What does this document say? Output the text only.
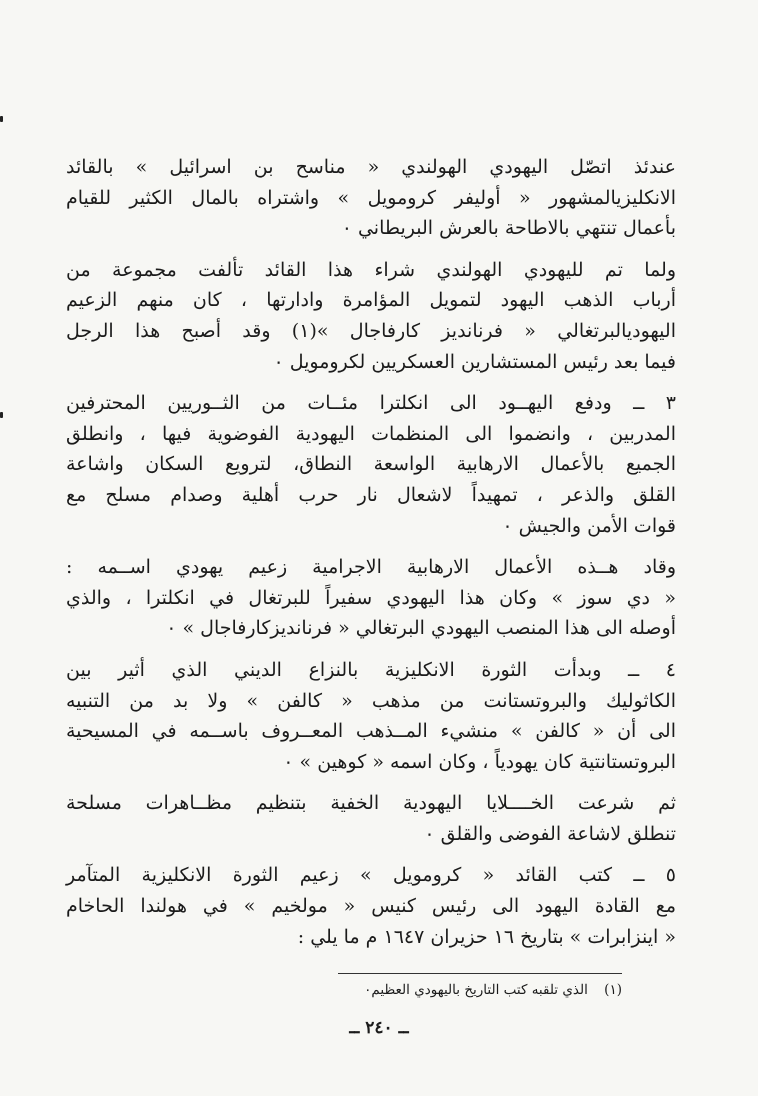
عندئذ اتصّل اليهودي الهولندي « مناسح بن اسرائيل » بالقائد
الانكليزيالمشهور « أوليفر كرومويل » واشتراه بالمال الكثير للقيام
بأعمال تنتهي بالاطاحة بالعرش البريطاني ٠

ولما تم لليهودي الهولندي شراء هذا القائد تألفت مجموعة من
أرباب الذهب اليهود لتمويل المؤامرة وادارتها ، كان منهم الزعيم
اليهوديالبرتغالي « فرنانديز كارفاجال »(١) وقد أصبح هذا الرجل
فيما بعد رئيس المستشارين العسكريين لكرومويل ٠

٣ ــ ودفع اليهــود الى انكلترا مئــات من الثــوريين المحترفين
المدربين ، وانضموا الى المنظمات اليهودية الفوضوية فيها ، وانطلق
الجميع بالأعمال الارهابية الواسعة النطاق، لترويع السكان واشاعة
القلق والذعر ، تمهيداً لاشعال نار حرب أهلية وصدام مسلح مع
قوات الأمن والجيش ٠

وقاد هــذه الأعمال الارهابية الاجرامية زعيم يهودي اســمه :
« دي سوز » وكان هذا اليهودي سفيراً للبرتغال في انكلترا ، والذي
أوصله الى هذا المنصب اليهودي البرتغالي « فرنانديزكارفاجال » ٠

٤ ــ وبدأت الثورة الانكليزية بالنزاع الديني الذي أثير بين
الكاثوليك والبروتستانت من مذهب « كالفن » ولا بد من التنبيه
الى أن « كالفن » منشيء المــذهب المعــروف باســمه في المسيحية
البروتستانتية كان يهودياً ، وكان اسمه « كوهين » ٠

ثم شرعت الخــــلايا اليهودية الخفية بتنظيم مظــاهرات مسلحة
تنطلق لاشاعة الفوضى والقلق ٠

٥ ــ كتب القائد « كرومويل » زعيم الثورة الانكليزية المتآمر
مع القادة اليهود الى رئيس كنيس « مولخيم » في هولندا الحاخام
« اينزابرات » بتاريخ ١٦ حزيران ١٦٤٧ م ما يلي :

(١) الذي تلقبه كتب التاريخ باليهودي العظيم٠
ــ ٢٤٠ ــ
